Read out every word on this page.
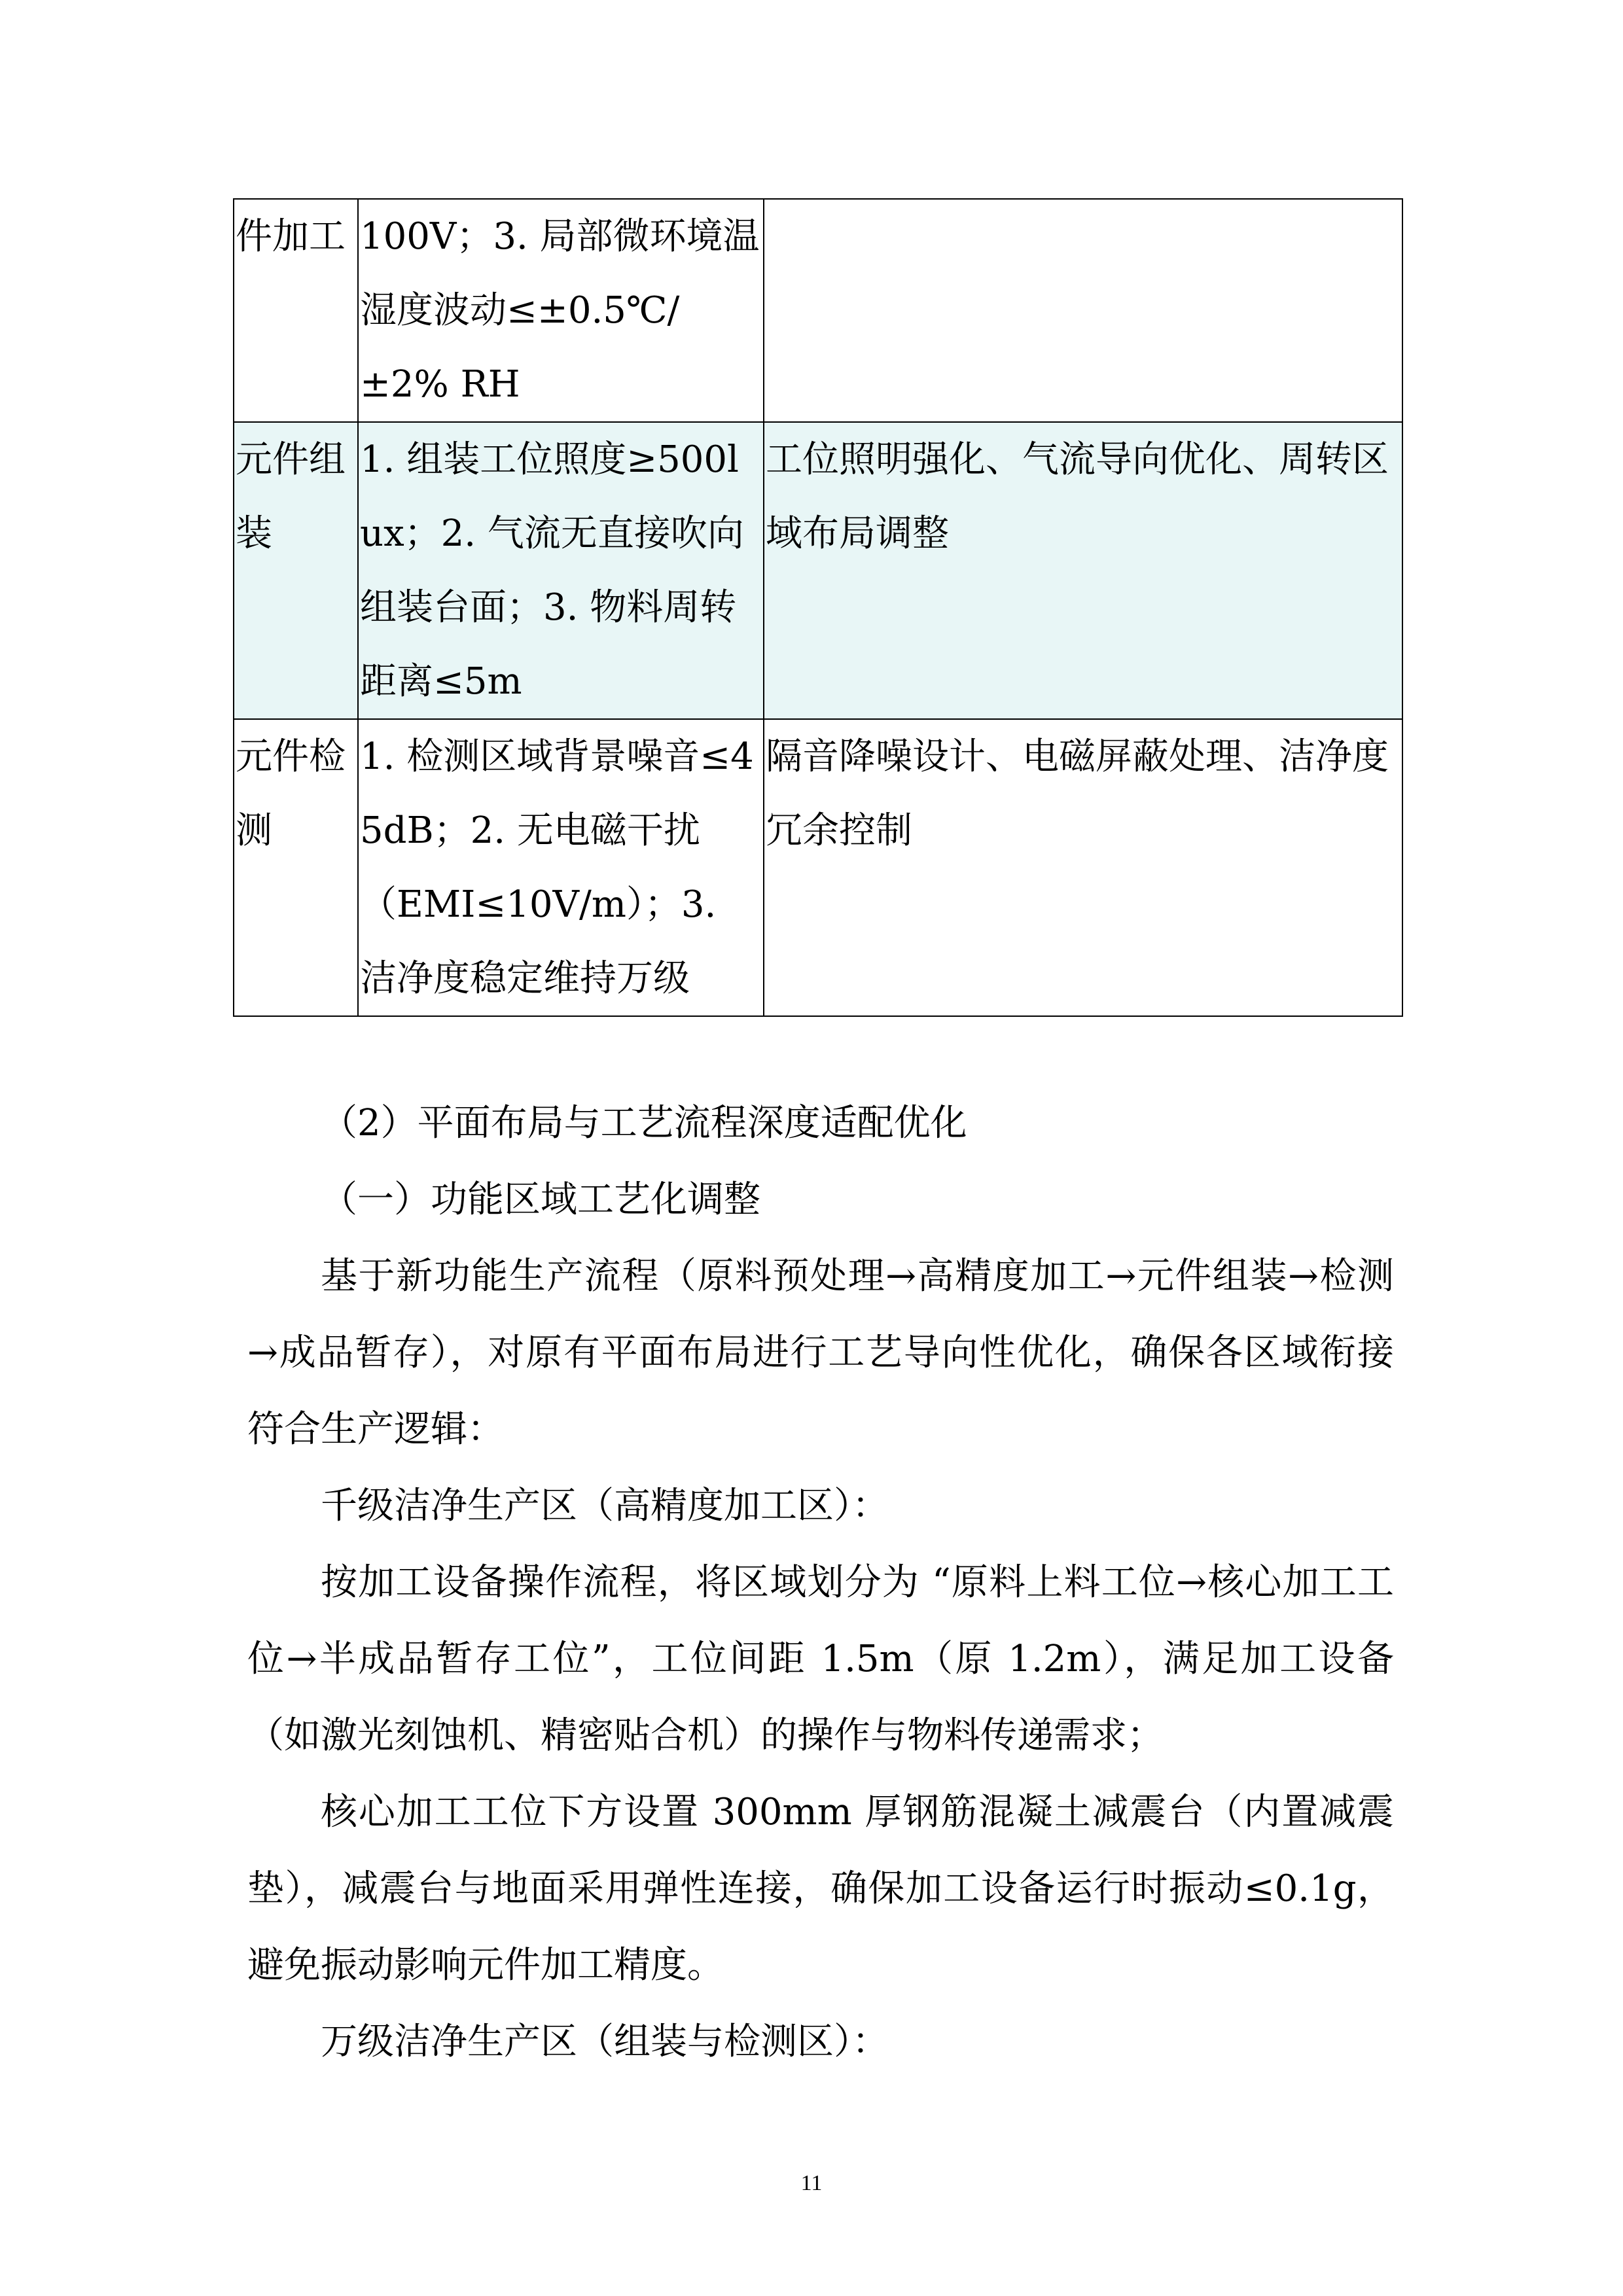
件加工	100V；3. 局部微环境温湿度波动≤±0.5℃/±2% RH	
元件组装	1. 组装工位照度≥500lux；2. 气流无直接吹向组装台面；3. 物料周转距离≤5m	工位照明强化、气流导向优化、周转区域布局调整
元件检测	1. 检测区域背景噪音≤45dB；2. 无电磁干扰（EMI≤10V/m）；3. 洁净度稳定维持万级	隔音降噪设计、电磁屏蔽处理、洁净度冗余控制

（2）平面布局与工艺流程深度适配优化

（一）功能区域工艺化调整

基于新功能生产流程（原料预处理→高精度加工→元件组装→检测→成品暂存），对原有平面布局进行工艺导向性优化，确保各区域衔接符合生产逻辑：

千级洁净生产区（高精度加工区）：

按加工设备操作流程，将区域划分为 “原料上料工位→核心加工工位→半成品暂存工位”，工位间距 1.5m（原 1.2m），满足加工设备（如激光刻蚀机、精密贴合机）的操作与物料传递需求；

核心加工工位下方设置 300mm 厚钢筋混凝土减震台（内置减震垫），减震台与地面采用弹性连接，确保加工设备运行时振动≤0.1g，避免振动影响元件加工精度。

万级洁净生产区（组装与检测区）：

11
